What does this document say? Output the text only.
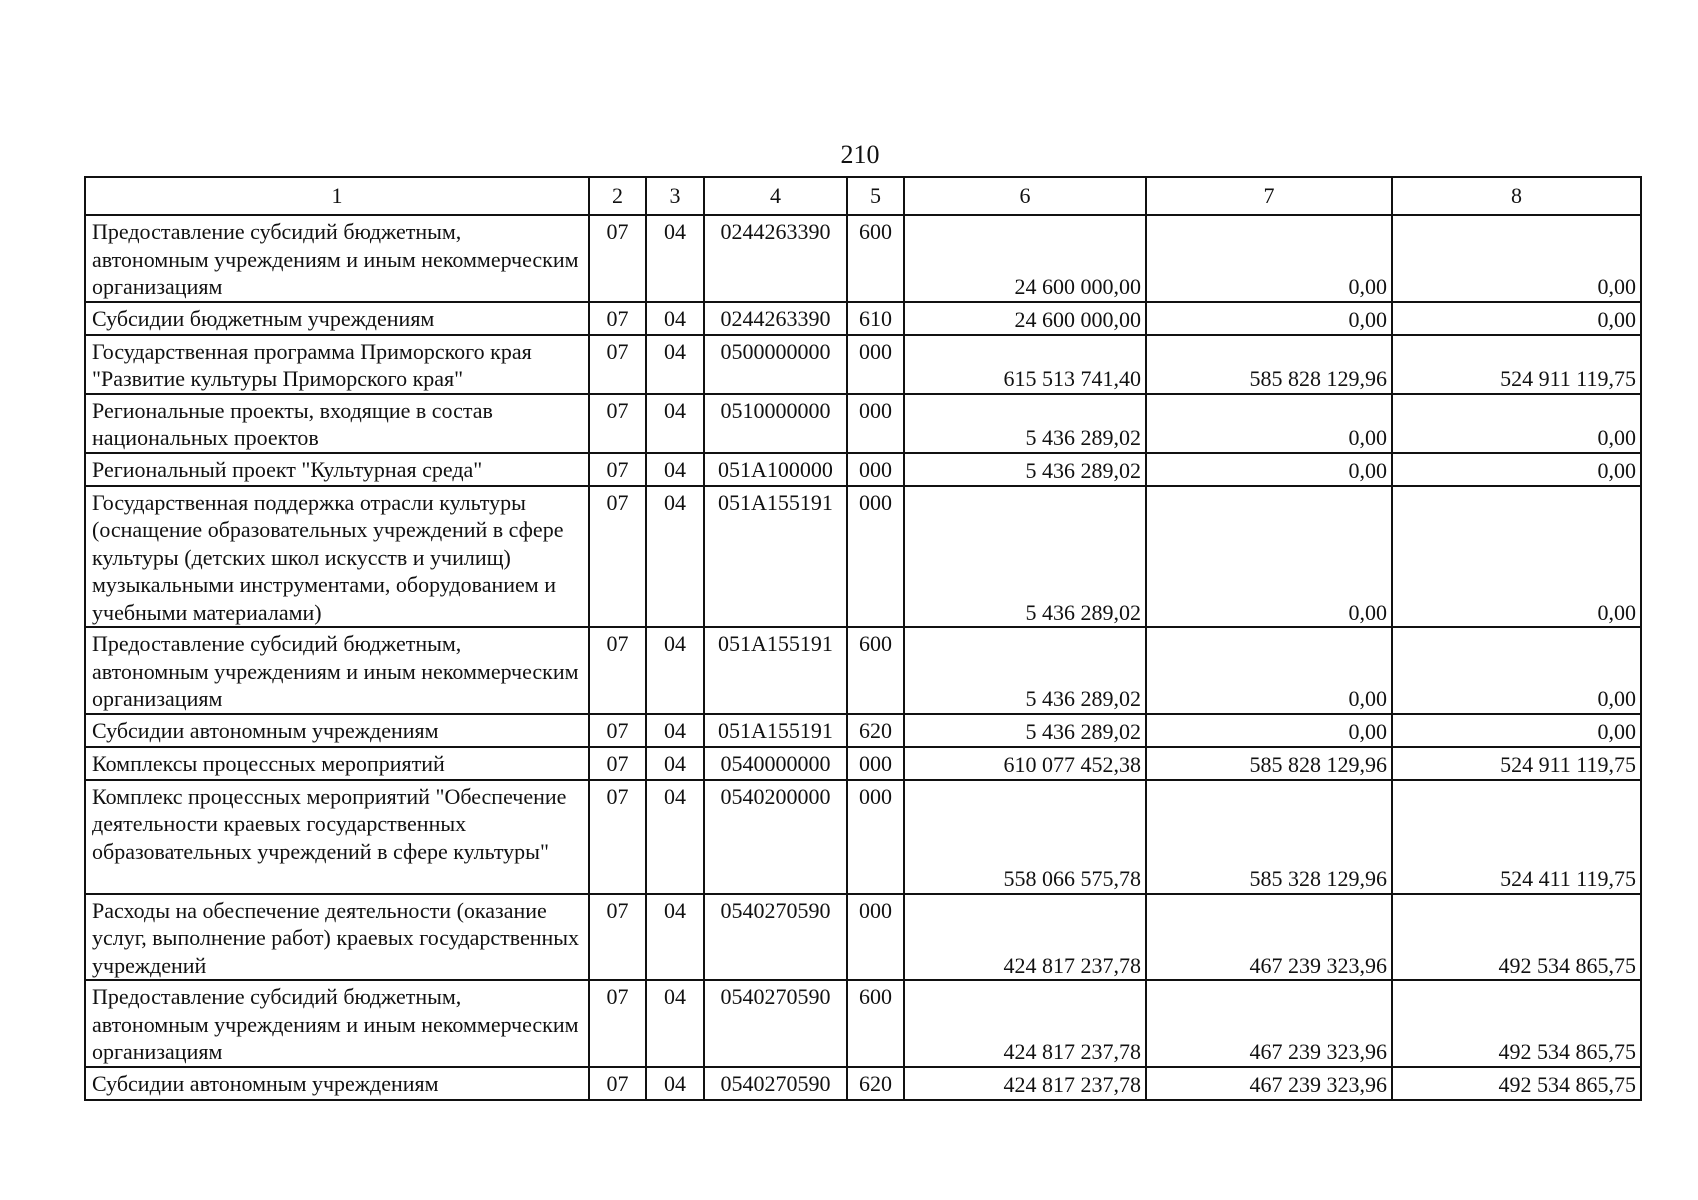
210
1	2	3	4	5	6	7	8
Предоставление субсидий бюджетным, автономным учреждениям и иным некоммерческим организациям	07	04	0244263390	600	24 600 000,00	0,00	0,00
Субсидии бюджетным учреждениям	07	04	0244263390	610	24 600 000,00	0,00	0,00
Государственная программа Приморского края "Развитие культуры Приморского края"	07	04	0500000000	000	615 513 741,40	585 828 129,96	524 911 119,75
Региональные проекты, входящие в состав национальных проектов	07	04	0510000000	000	5 436 289,02	0,00	0,00
Региональный проект "Культурная среда"	07	04	051A100000	000	5 436 289,02	0,00	0,00
Государственная поддержка отрасли культуры (оснащение образовательных учреждений в сфере культуры (детских школ искусств и училищ) музыкальными инструментами, оборудованием и учебными материалами)	07	04	051A155191	000	5 436 289,02	0,00	0,00
Предоставление субсидий бюджетным, автономным учреждениям и иным некоммерческим организациям	07	04	051A155191	600	5 436 289,02	0,00	0,00
Субсидии автономным учреждениям	07	04	051A155191	620	5 436 289,02	0,00	0,00
Комплексы процессных мероприятий	07	04	0540000000	000	610 077 452,38	585 828 129,96	524 911 119,75
Комплекс процессных мероприятий "Обеспечение деятельности краевых государственных образовательных учреждений в сфере культуры"	07	04	0540200000	000	558 066 575,78	585 328 129,96	524 411 119,75
Расходы на обеспечение деятельности (оказание услуг, выполнение работ) краевых государственных учреждений	07	04	0540270590	000	424 817 237,78	467 239 323,96	492 534 865,75
Предоставление субсидий бюджетным, автономным учреждениям и иным некоммерческим организациям	07	04	0540270590	600	424 817 237,78	467 239 323,96	492 534 865,75
Субсидии автономным учреждениям	07	04	0540270590	620	424 817 237,78	467 239 323,96	492 534 865,75
